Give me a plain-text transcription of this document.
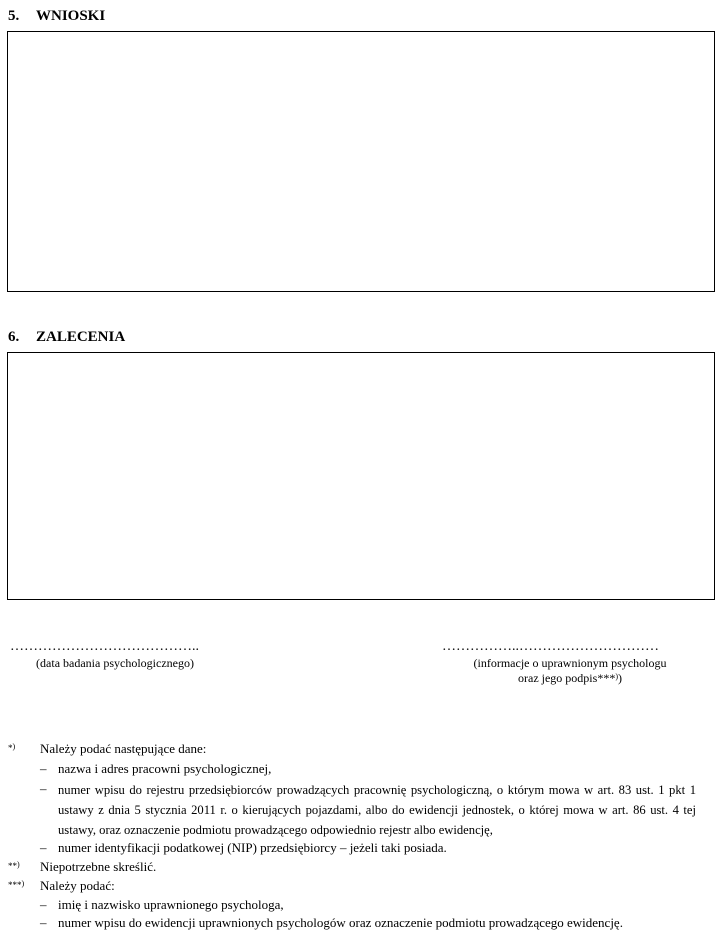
5. WNIOSKI
6. ZALECENIA
…………………………………..
(data badania psychologicznego)
……………..…………………………
(informacje o uprawnionym psychologu
oraz jego podpis***))
*) Należy podać następujące dane:
– nazwa i adres pracowni psychologicznej,
– numer wpisu do rejestru przedsiębiorców prowadzących pracownię psychologiczną, o którym mowa w art. 83 ust. 1 pkt 1 ustawy z dnia 5 stycznia 2011 r. o kierujących pojazdami, albo do ewidencji jednostek, o której mowa w art. 86 ust. 4 tej ustawy, oraz oznaczenie podmiotu prowadzącego odpowiednio rejestr albo ewidencję,
– numer identyfikacji podatkowej (NIP) przedsiębiorcy – jeżeli taki posiada.
**) Niepotrzebne skreślić.
***) Należy podać:
– imię i nazwisko uprawnionego psychologa,
– numer wpisu do ewidencji uprawnionych psychologów oraz oznaczenie podmiotu prowadzącego ewidencję.
